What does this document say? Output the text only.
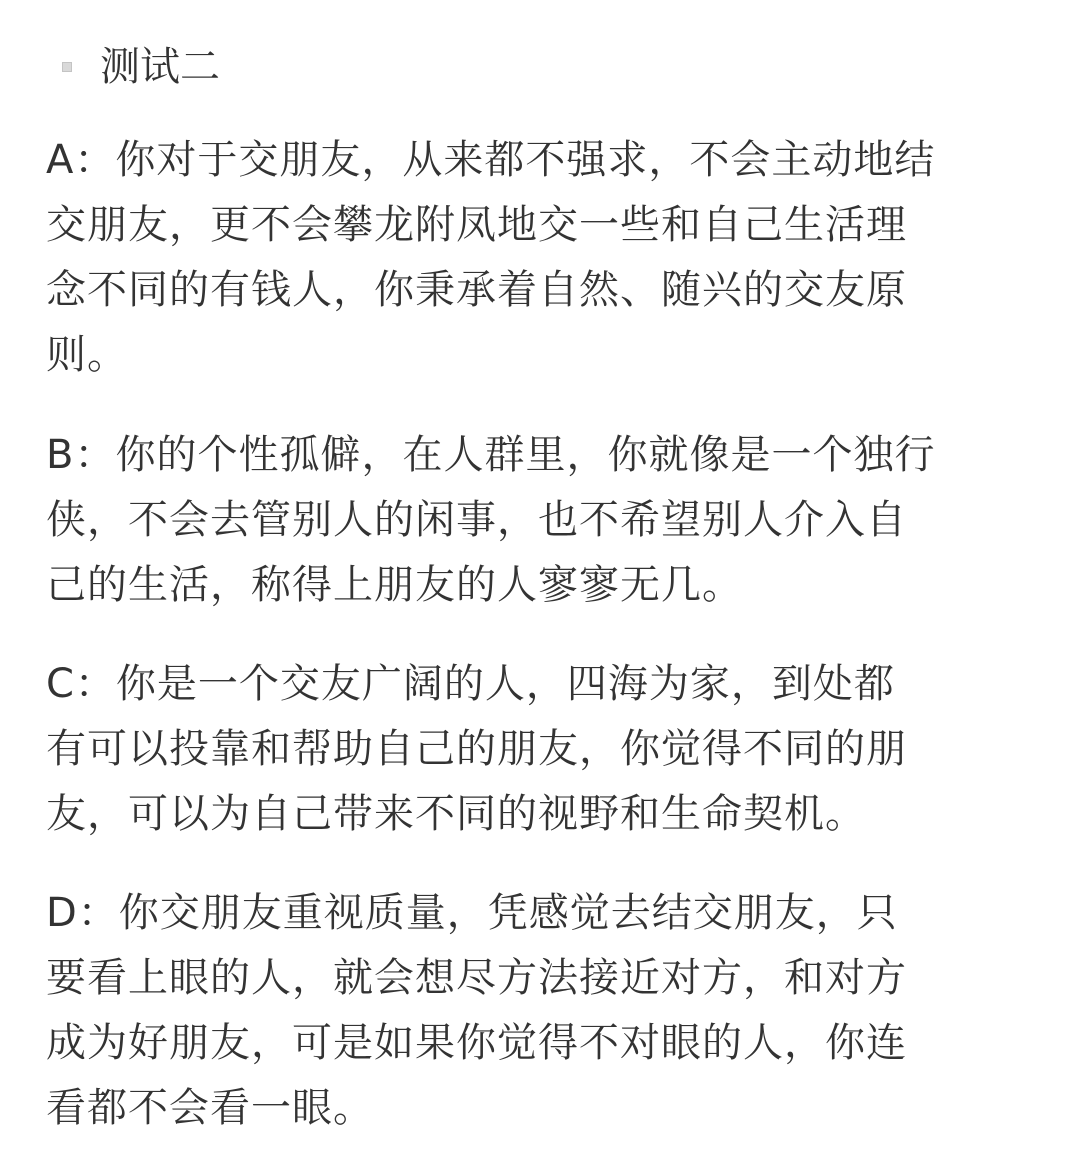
测试二
A：你对于交朋友，从来都不强求，不会主动地结
交朋友，更不会攀龙附凤地交一些和自己生活理
念不同的有钱人，你秉承着自然、随兴的交友原
则。
B：你的个性孤僻，在人群里，你就像是一个独行
侠，不会去管别人的闲事，也不希望别人介入自
己的生活，称得上朋友的人寥寥无几。
C：你是一个交友广阔的人，四海为家，到处都
有可以投靠和帮助自己的朋友，你觉得不同的朋
友，可以为自己带来不同的视野和生命契机。
D：你交朋友重视质量，凭感觉去结交朋友，只
要看上眼的人，就会想尽方法接近对方，和对方
成为好朋友，可是如果你觉得不对眼的人，你连
看都不会看一眼。
